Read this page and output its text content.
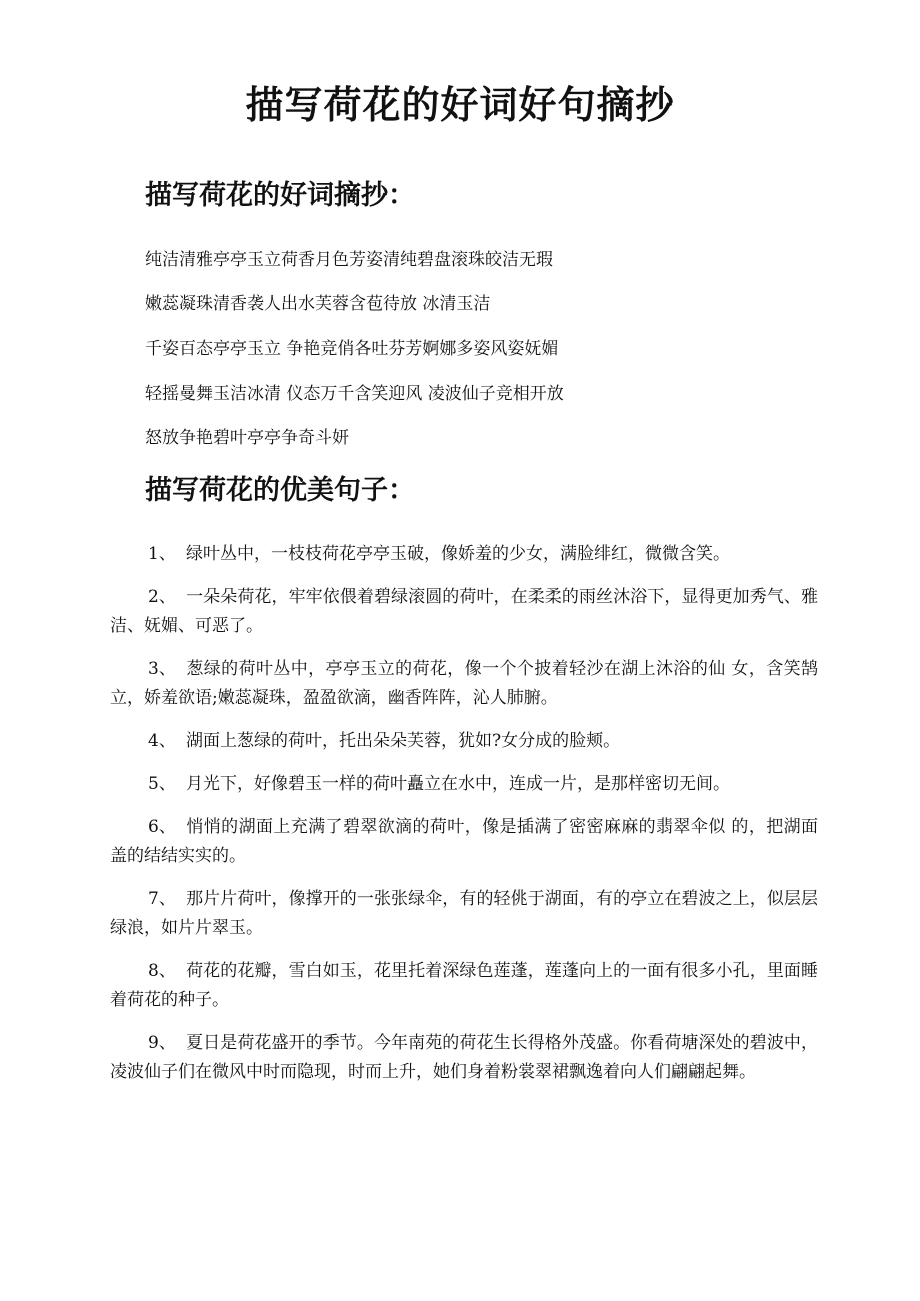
描写荷花的好词好句摘抄
描写荷花的好词摘抄：

纯洁清雅亭亭玉立荷香月色芳姿清纯碧盘滚珠皎洁无瑕

嫩蕊凝珠清香袭人出水芙蓉含苞待放 冰清玉洁

千姿百态亭亭玉立 争艳竞俏各吐芬芳婀娜多姿风姿妩媚

轻摇曼舞玉洁冰清 仪态万千含笑迎风 凌波仙子竞相开放

怒放争艳碧叶亭亭争奇斗妍

描写荷花的优美句子：
1、 绿叶丛中，一枝枝荷花亭亭玉破，像娇羞的少女，满脸绯红，微微含笑。
2、 一朵朵荷花，牢牢依偎着碧绿滚圆的荷叶，在柔柔的雨丝沐浴下，显得更加秀气、雅洁、妩媚、可恶了。
3、 葱绿的荷叶丛中，亭亭玉立的荷花，像一个个披着轻沙在湖上沐浴的仙 女，含笑鹄立，娇羞欲语;嫩蕊凝珠，盈盈欲滴，幽香阵阵，沁人肺腑。
4、 湖面上葱绿的荷叶，托出朵朵芙蓉，犹如?女分成的脸颊。
5、 月光下，好像碧玉一样的荷叶矗立在水中，连成一片，是那样密切无间。
6、 悄悄的湖面上充满了碧翠欲滴的荷叶，像是插满了密密麻麻的翡翠伞似 的，把湖面盖的结结实实的。
7、 那片片荷叶，像撑开的一张张绿伞，有的轻佻于湖面，有的亭立在碧波之上，似层层绿浪，如片片翠玉。
8、 荷花的花瓣，雪白如玉，花里托着深绿色莲蓬，莲蓬向上的一面有很多小孔，里面睡着荷花的种子。
9、 夏日是荷花盛开的季节。今年南苑的荷花生长得格外茂盛。你看荷塘深处的碧波中，凌波仙子们在微风中时而隐现，时而上升，她们身着粉裳翠裙飘逸着向人们翩翩起舞。
